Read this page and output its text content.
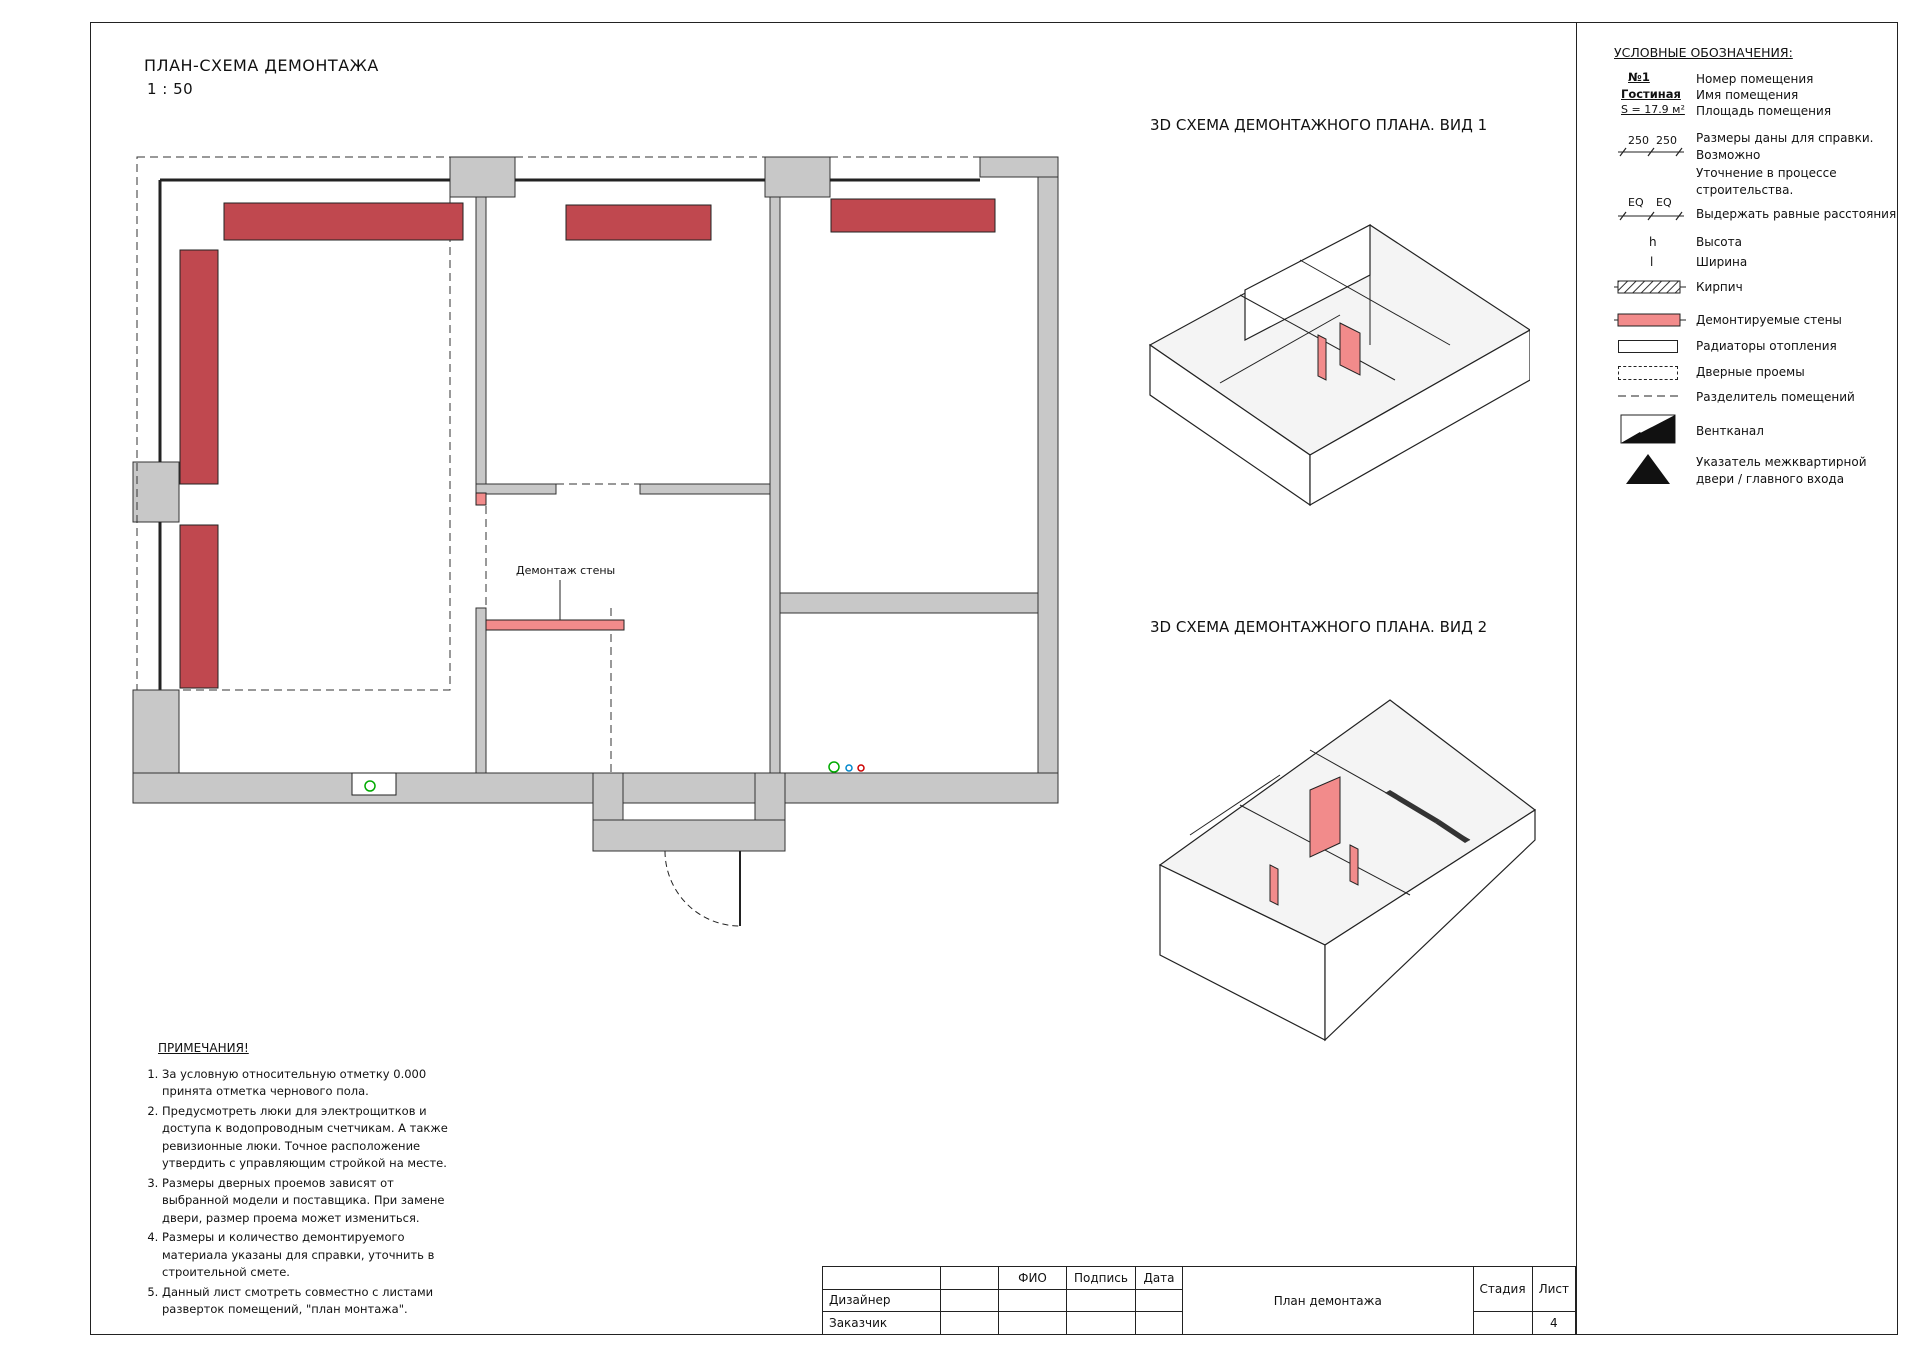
ПЛАН-СХЕМА ДЕМОНТАЖА
1 : 50
Демонтаж стены
3D СХЕМА ДЕМОНТАЖНОГО ПЛАНА. ВИД 1
3D СХЕМА ДЕМОНТАЖНОГО ПЛАНА. ВИД 2
УСЛОВНЫЕ ОБОЗНАЧЕНИЯ:
№1
Гостиная
S = 17.9 м²
Номер помещения
Имя помещения
Площадь помещения
250 250 Размеры даны для справки.
Возможно
Уточнение в процессе
строительства.
EQ EQ
Выдержать равные расстояния
h	Высота
l	Ширина
Кирпич
Демонтируемые стены
Радиаторы отопления
Дверные проемы
Разделитель помещений
Вентканал
Указатель межквартирной
двери / главного входа
ПРИМЕЧАНИЯ!
1. За условную относительную отметку 0.000 принята отметка чернового пола.
2. Предусмотреть люки для электрощитков и доступа к водопроводным счетчикам. А также ревизионные люки. Точное расположение утвердить с управляющим стройкой на месте.
3. Размеры дверных проемов зависят от выбранной модели и поставщика. При замене двери, размер проема может измениться.
4. Размеры и количество демонтируемого материала указаны для справки, уточнить в строительной смете.
5. Данный лист смотреть совместно с листами разверток помещений, "план монтажа".
		ФИО	Подпись	Дата	План демонтажа	Стадия	Лист
Дизайнер							
Заказчик							4
